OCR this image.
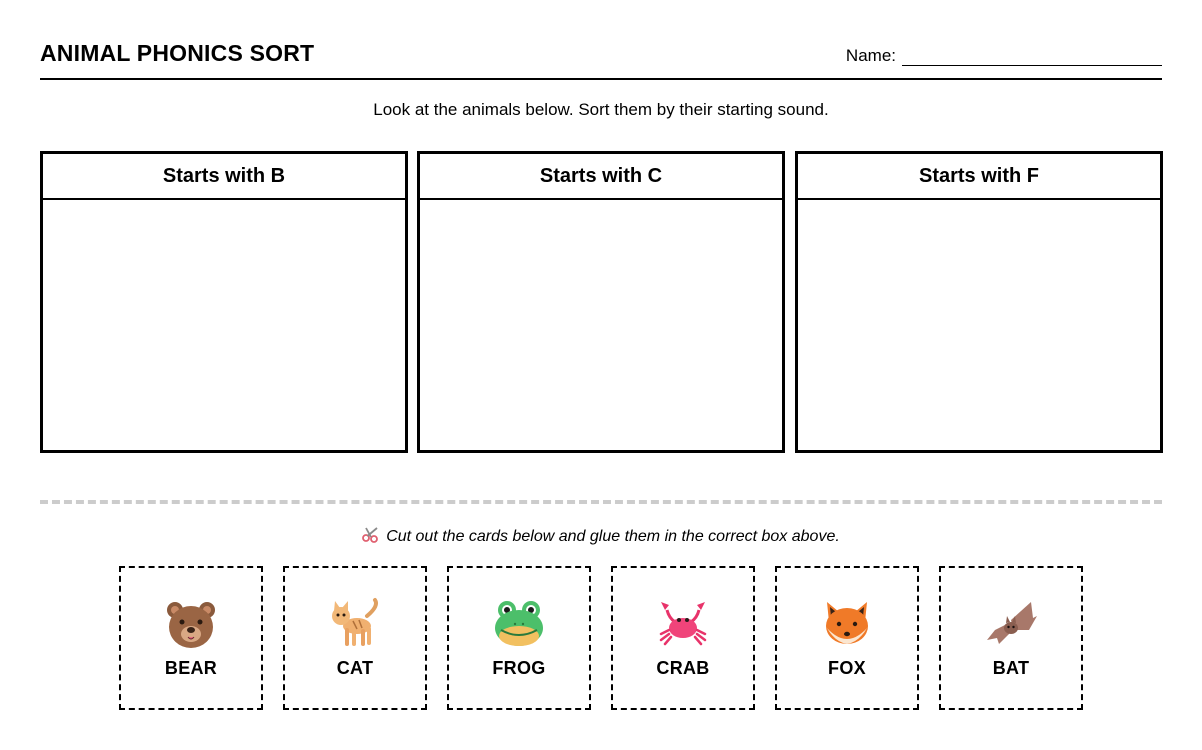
ANIMAL PHONICS SORT	Name:
Look at the animals below. Sort them by their starting sound.
Starts with B	Starts with C	Starts with F
Cut out the cards below and glue them in the correct box above.
BEAR	CAT	FROG	CRAB	FOX	BAT
